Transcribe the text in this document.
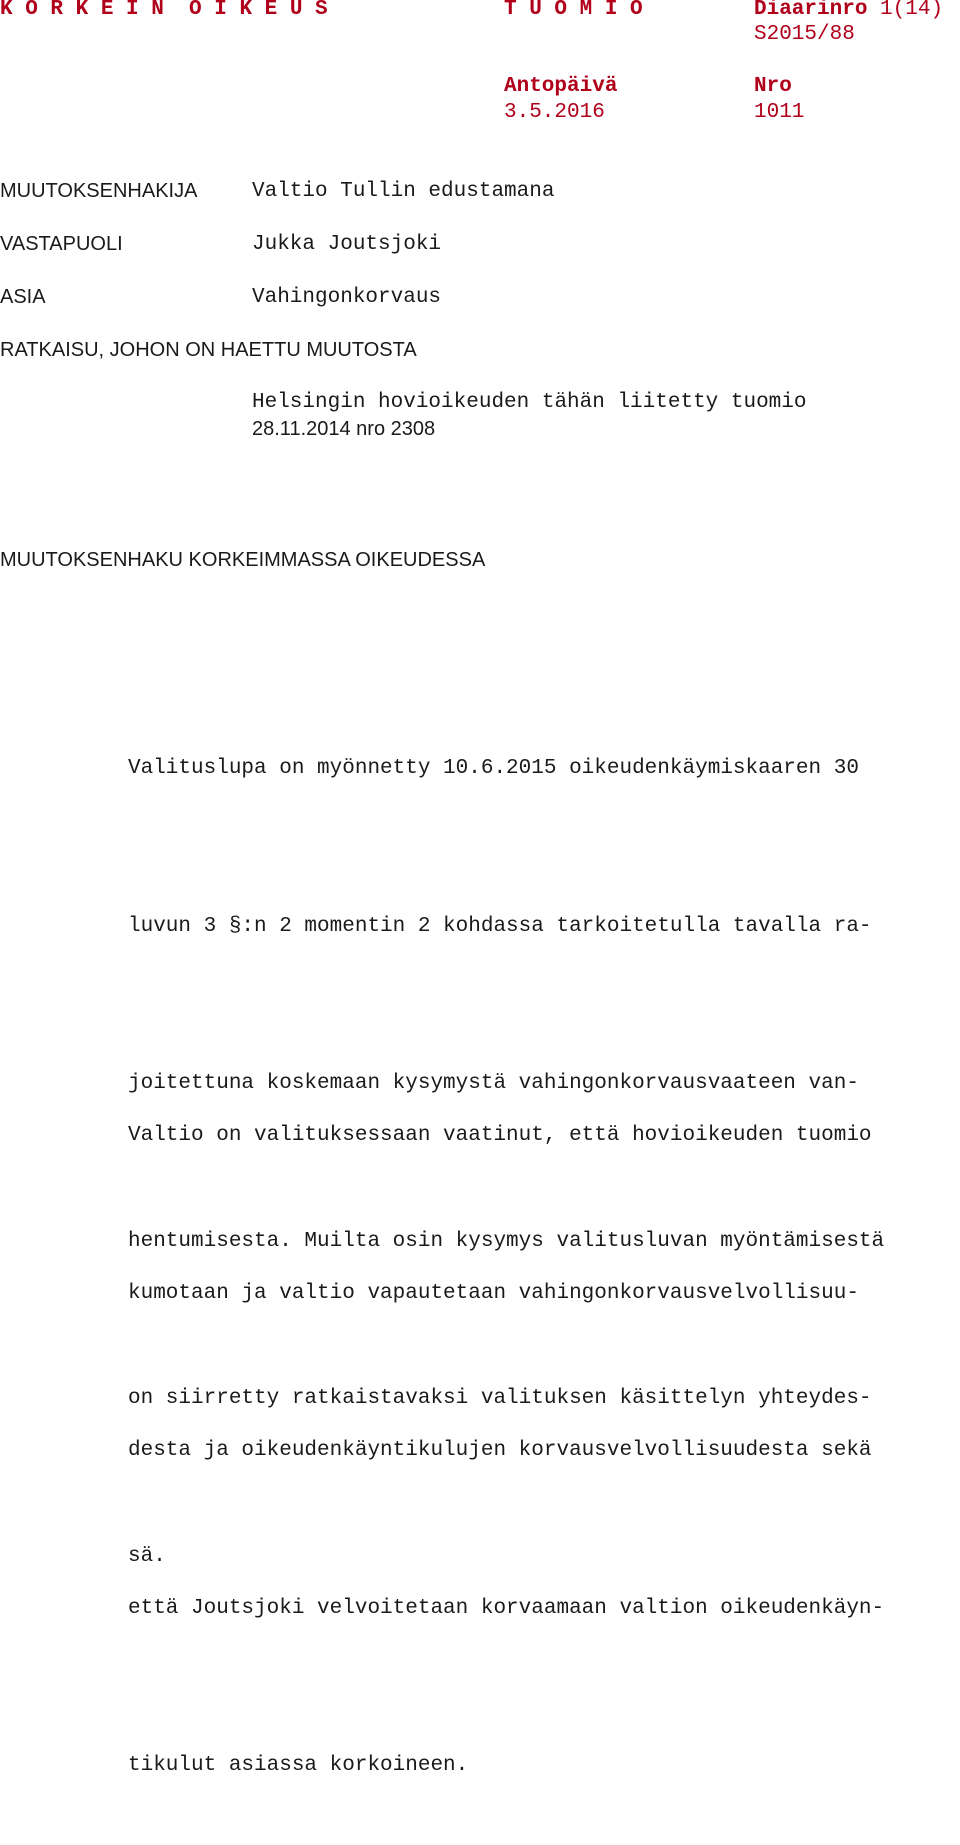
K O R K E I N  O I K E U S	T U O M I O	Diaarinro 1(14)
S2015/88
Antopäivä
3.5.2016
Nro
1011
MUUTOKSENHAKIJA	Valtio Tullin edustamana
VASTAPUOLI	Jukka Joutsjoki
ASIA	Vahingonkorvaus
RATKAISU, JOHON ON HAETTU MUUTOSTA
Helsingin hovioikeuden tähän liitetty tuomio
28.11.2014 nro 2308
MUUTOKSENHAKU KORKEIMMASSA OIKEUDESSA

Valituslupa on myönnetty 10.6.2015 oikeudenkäymiskaaren 30

luvun 3 §:n 2 momentin 2 kohdassa tarkoitetulla tavalla ra-

joitettuna koskemaan kysymystä vahingonkorvausvaateen van-

hentumisesta. Muilta osin kysymys valitusluvan myöntämisestä

on siirretty ratkaistavaksi valituksen käsittelyn yhteydes-

sä.

Valtio on valituksessaan vaatinut, että hovioikeuden tuomio

kumotaan ja valtio vapautetaan vahingonkorvausvelvollisuu-

desta ja oikeudenkäyntikulujen korvausvelvollisuudesta sekä

että Joutsjoki velvoitetaan korvaamaan valtion oikeudenkäyn-

tikulut asiassa korkoineen.
